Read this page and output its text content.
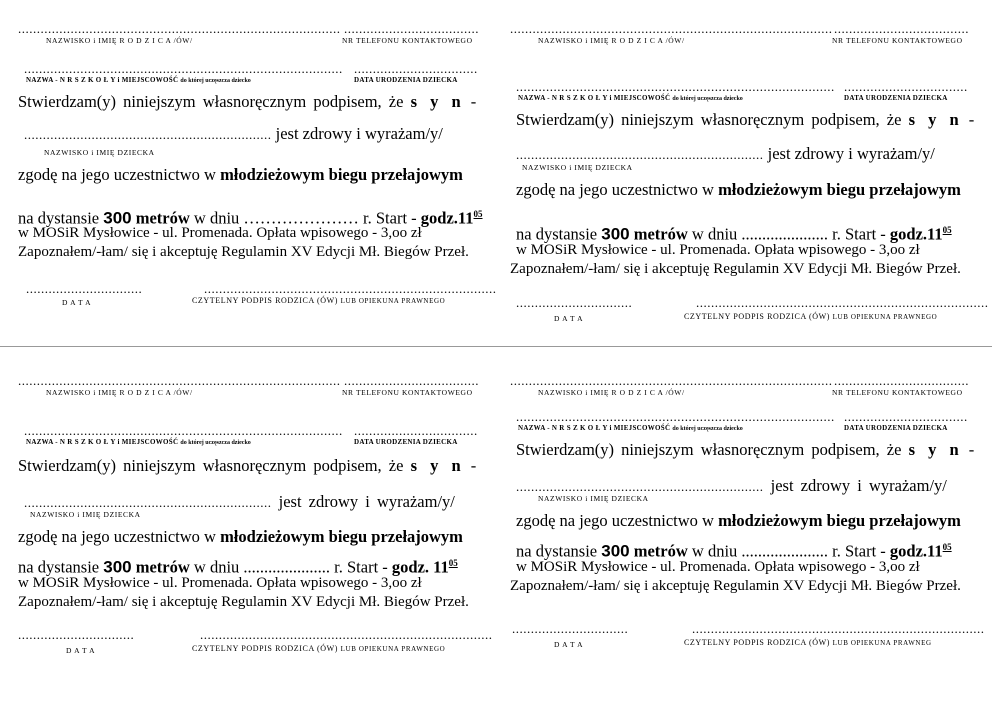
......................................................................................
NAZWISKO i IMIĘ R O D Z I C A /ÓW/
....................................
NR TELEFONU KONTAKTOWEGO
.....................................................................................
NAZWA - N R S Z K O Ł Y i MIEJSCOWOŚĆ do której uczęszcza dziecko
.................................
DATA URODZENIA DZIECKA
Stwierdzam(y) niniejszym własnoręcznym podpisem, że s y n -
.................................................................. jest zdrowy i wyrażam/y/
NAZWISKO i IMIĘ DZIECKA
zgodę na jego uczestnictwo w młodzieżowym biegu przełajowym
na dystansie 300 metrów w dniu ………………… r. Start - $godz.11^{05}$
w MOSiR Mysłowice - ul. Promenada. Opłata wpisowego - 3,oo zł
Zapoznałem/-łam/ się i akceptuję Regulamin XV Edycji Mł. Biegów Przeł.
...............................
D A T A
..............................................................................
CZYTELNY PODPIS RODZICA (ÓW) LUB OPIEKUNA PRAWNEGO
......................................................................................
NAZWISKO i IMIĘ R O D Z I C A /ÓW/
....................................
NR TELEFONU KONTAKTOWEGO
.....................................................................................
NAZWA - N R S Z K O Ł Y i MIEJSCOWOŚĆ do której uczęszcza dziecko
.................................
DATA URODZENIA DZIECKA
Stwierdzam(y) niniejszym własnoręcznym podpisem, że s y n -
.................................................................. jest zdrowy i wyrażam/y/
NAZWISKO i IMIĘ DZIECKA
zgodę na jego uczestnictwo w młodzieżowym biegu przełajowym
na dystansie 300 metrów w dniu ..................... r. Start - $godz.11^{05}$
w MOSiR Mysłowice - ul. Promenada. Opłata wpisowego - 3,oo zł
Zapoznałem/-łam/ się i akceptuję Regulamin XV Edycji Mł. Biegów Przeł.
...............................
D A T A
..............................................................................
CZYTELNY PODPIS RODZICA (ÓW) LUB OPIEKUNA PRAWNEGO
......................................................................................
NAZWISKO i IMIĘ R O D Z I C A /ÓW/
....................................
NR TELEFONU KONTAKTOWEGO
.....................................................................................
NAZWA - N R S Z K O Ł Y i MIEJSCOWOŚĆ do której uczęszcza dziecko
.................................
DATA URODZENIA DZIECKA
Stwierdzam(y) niniejszym własnoręcznym podpisem, że s y n -
.................................................................. jest zdrowy i wyrażam/y/
NAZWISKO i IMIĘ DZIECKA
zgodę na jego uczestnictwo w młodzieżowym biegu przełajowym
na dystansie 300 metrów w dniu ..................... r. Start - godz. $11^{05}$
w MOSiR Mysłowice - ul. Promenada. Opłata wpisowego - 3,oo zł
Zapoznałem/-łam/ się i akceptuję Regulamin XV Edycji Mł. Biegów Przeł.
...............................
D A T A
..............................................................................
CZYTELNY PODPIS RODZICA (ÓW) LUB OPIEKUNA PRAWNEGO
......................................................................................
NAZWISKO i IMIĘ R O D Z I C A /ÓW/
....................................
NR TELEFONU KONTAKTOWEGO
.....................................................................................
NAZWA - N R S Z K O Ł Y i MIEJSCOWOŚĆ do której uczęszcza dziecko
.................................
DATA URODZENIA DZIECKA
Stwierdzam(y) niniejszym własnoręcznym podpisem, że s y n -
.................................................................. jest zdrowy i wyrażam/y/
NAZWISKO i IMIĘ DZIECKA
zgodę na jego uczestnictwo w młodzieżowym biegu przełajowym
na dystansie 300 metrów w dniu ..................... r. Start - $godz.11^{05}$
w MOSiR Mysłowice - ul. Promenada. Opłata wpisowego - 3,oo zł
Zapoznałem/-łam/ się i akceptuję Regulamin XV Edycji Mł. Biegów Przeł.
...............................
D A T A
..............................................................................
CZYTELNY PODPIS RODZICA (ÓW) LUB OPIEKUNA PRAWNEG
